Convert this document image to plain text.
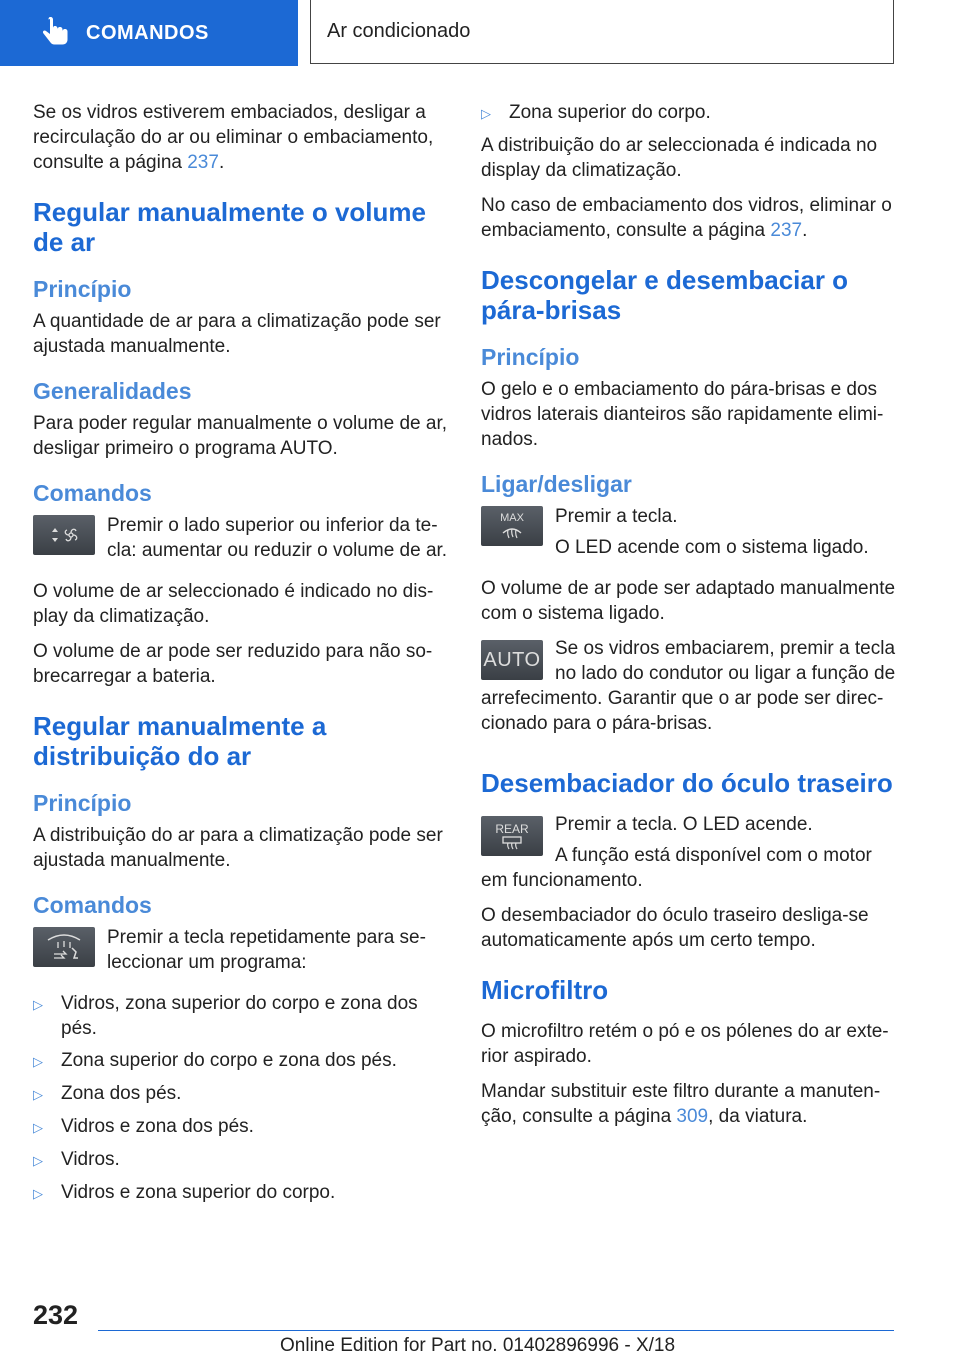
COMANDOS	Ar condicionado

Se os vidros estiverem embaciados, desligar a recirculação do ar ou eliminar o embaciamento, consulte a página 237.

Regular manualmente o volume de ar
Princípio

A quantidade de ar para a climatização pode ser ajustada manualmente.

Generalidades

Para poder regular manualmente o volume de ar, desligar primeiro o programa AUTO.

Comandos

Premir o lado superior ou inferior da te- cla: aumentar ou reduzir o volume de ar.

O volume de ar seleccionado é indicado no dis- play da climatização.

O volume de ar pode ser reduzido para não so- brecarregar a bateria.

Regular manualmente a distribuição do ar
Princípio

A distribuição do ar para a climatização pode ser ajustada manualmente.

Comandos

Premir a tecla repetidamente para se- leccionar um programa:

▷ Vidros, zona superior do corpo e zona dos pés.
▷ Zona superior do corpo e zona dos pés.
▷ Zona dos pés.
▷ Vidros e zona dos pés.
▷ Vidros.
▷ Vidros e zona superior do corpo.
▷ Zona superior do corpo.

A distribuição do ar seleccionada é indicada no display da climatização.

No caso de embaciamento dos vidros, eliminar o embaciamento, consulte a página 237.

Descongelar e desembaciar o pára-brisas
Princípio

O gelo e o embaciamento do pára-brisas e dos vidros laterais dianteiros são rapidamente elimi- nados.

Ligar/desligar
MAX Premir a tecla.

O LED acende com o sistema ligado.

O volume de ar pode ser adaptado manualmente com o sistema ligado.

AUTO Se os vidros embaciarem, premir a tecla no lado do condutor ou ligar a função de arrefecimento. Garantir que o ar pode ser direc- cionado para o pára-brisas.

Desembaciador do óculo traseiro
REAR	Premir a tecla. O LED acende.

A função está disponível com o motor em funcionamento.

O desembaciador do óculo traseiro desliga-se automaticamente após um certo tempo.

Microfiltro

O microfiltro retém o pó e os pólenes do ar exte- rior aspirado.

Mandar substituir este filtro durante a manuten- ção, consulte a página 309, da viatura.

232
Online Edition for Part no. 01402896996 - X/18
